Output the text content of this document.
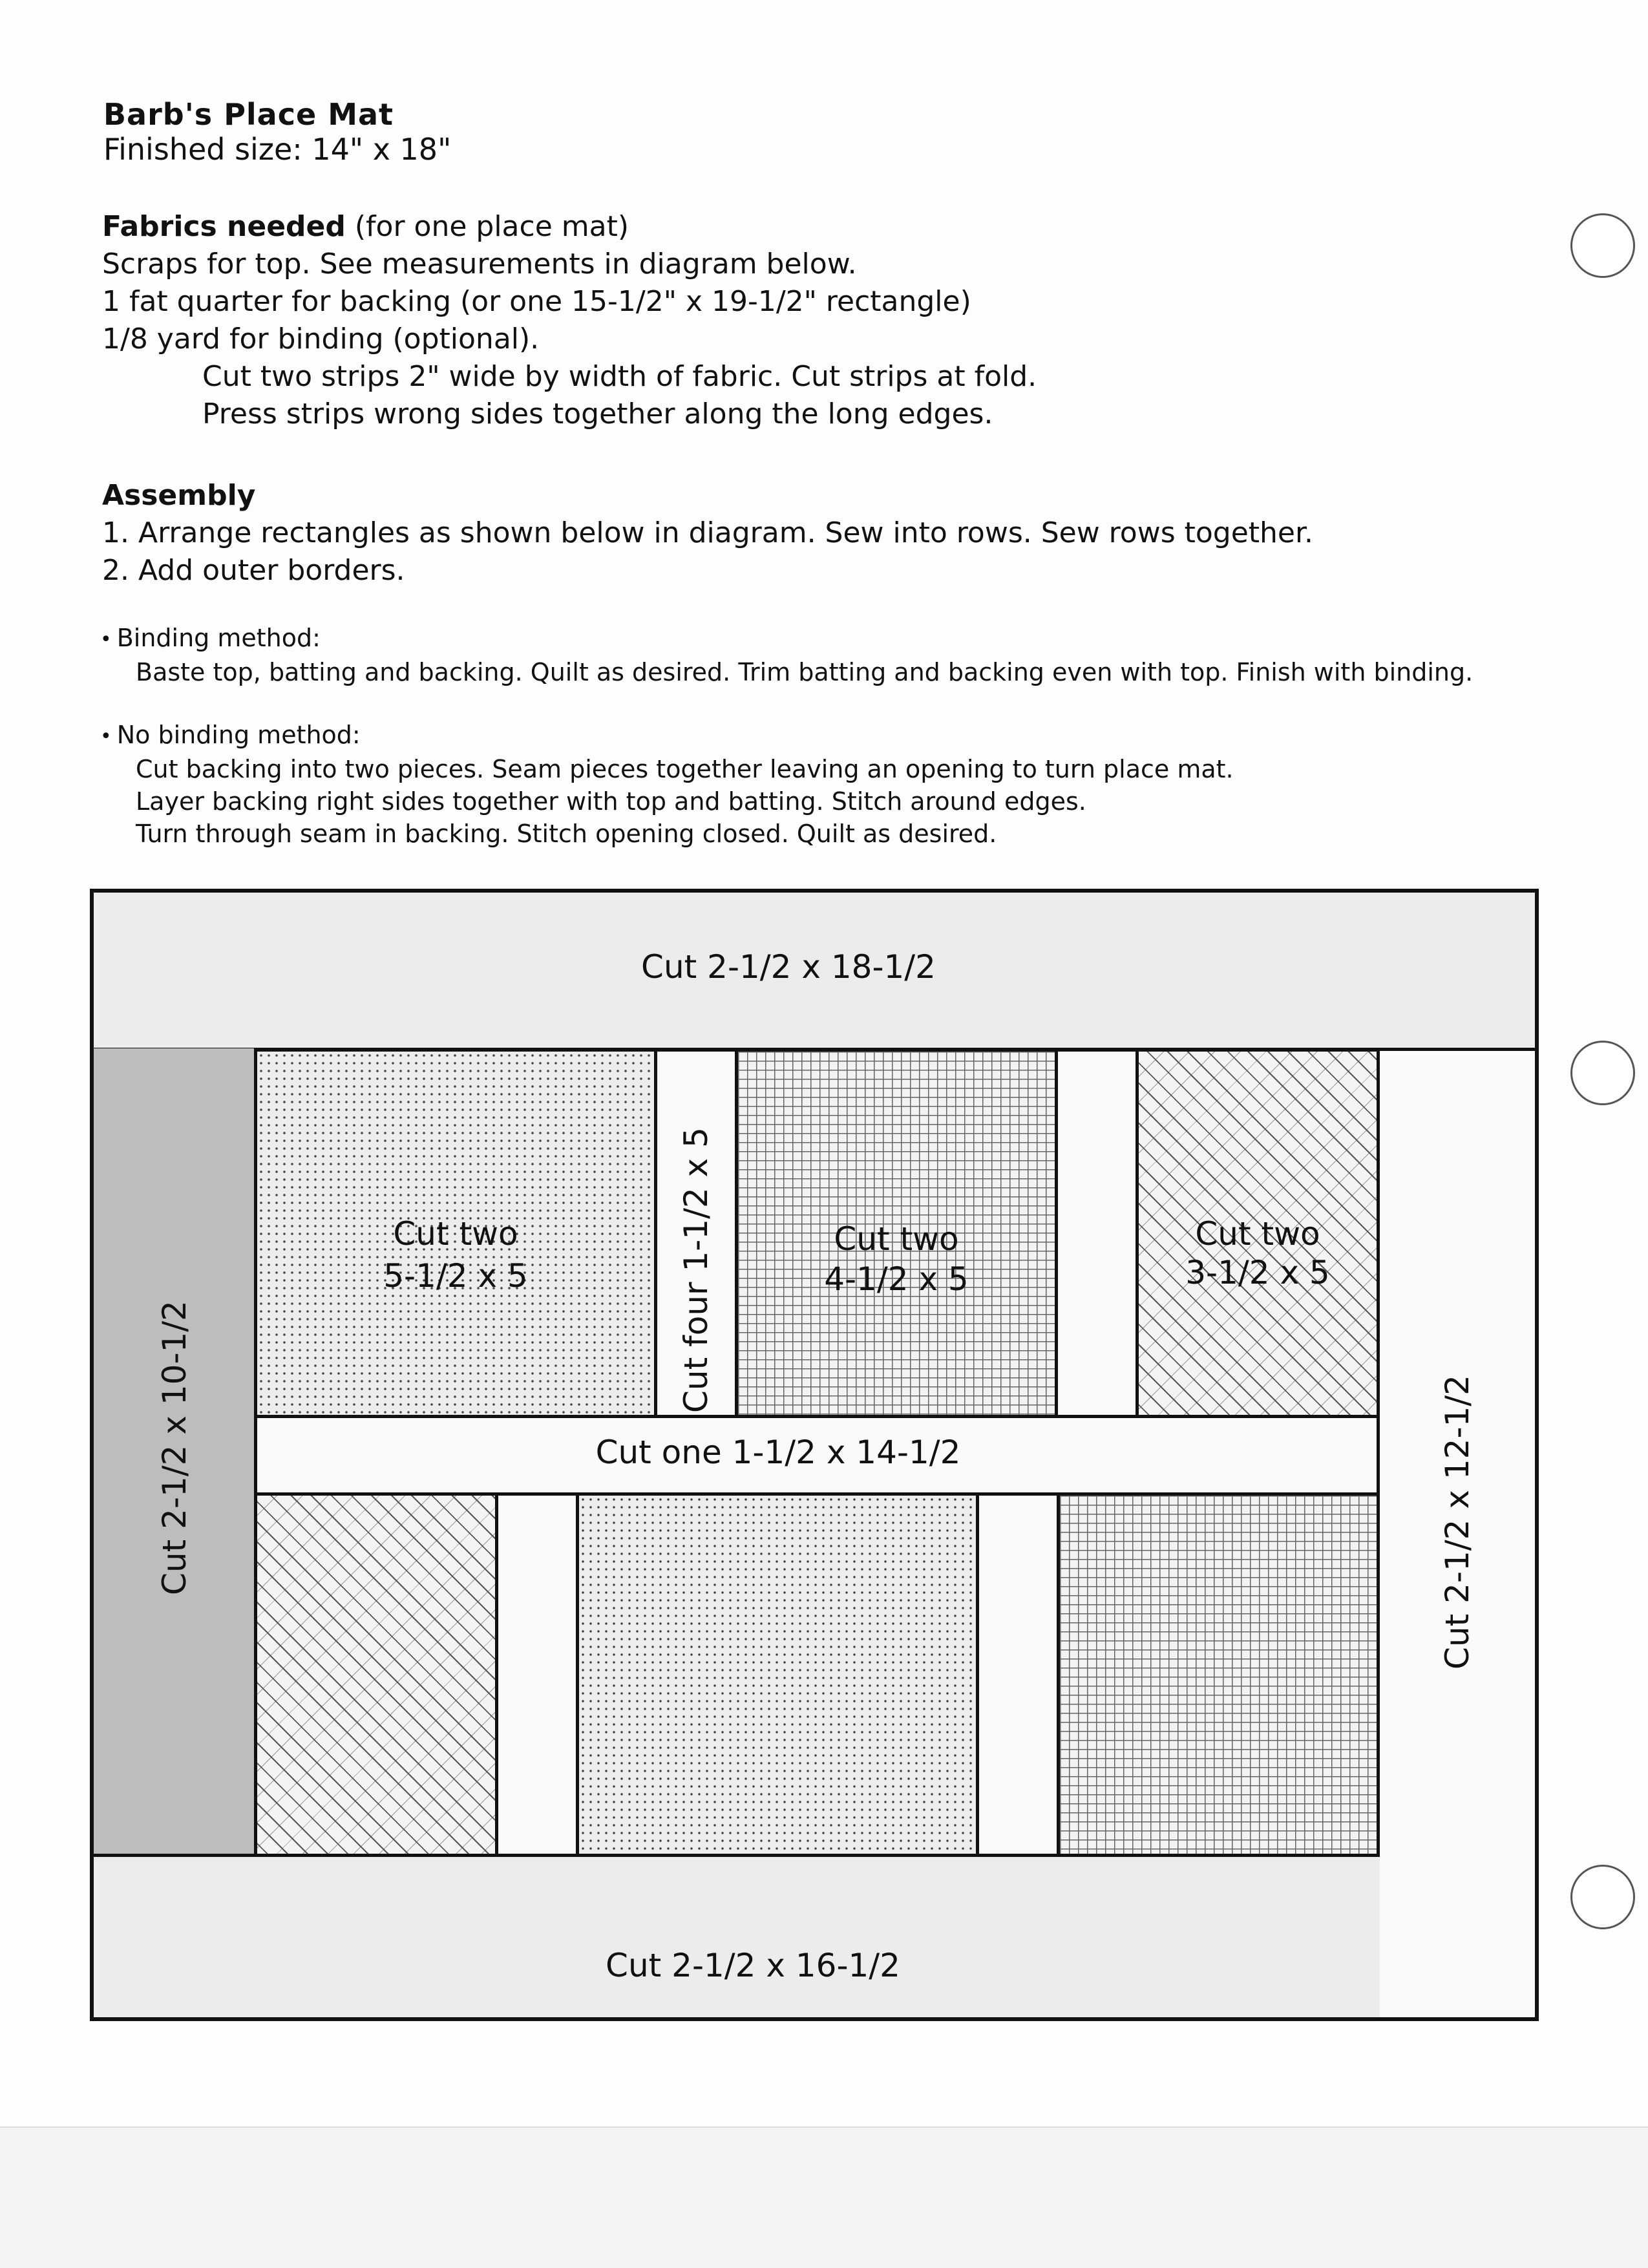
Barb's Place Mat
Finished size: 14" x 18"
Fabrics needed (for one place mat)
Scraps for top. See measurements in diagram below.
1 fat quarter for backing (or one 15-1/2" x 19-1/2" rectangle)
1/8 yard for binding (optional).
Cut two strips 2" wide by width of fabric. Cut strips at fold.
Press strips wrong sides together along the long edges.
Assembly
1. Arrange rectangles as shown below in diagram. Sew into rows. Sew rows together.
2. Add outer borders.
• Binding method:
Baste top, batting and backing. Quilt as desired. Trim batting and backing even with top. Finish with binding.
• No binding method:
Cut backing into two pieces. Seam pieces together leaving an opening to turn place mat.
Layer backing right sides together with top and batting. Stitch around edges.
Turn through seam in backing. Stitch opening closed. Quilt as desired.
Cut 2-1/2 x 18-1/2
Cut 2-1/2 x 10-1/2	Cut 2-1/2 x 12-1/2
Cut 2-1/2 x 16-1/2
Cut two
5-1/2 x 5	Cut four 1-1/2 x 5	Cut two
4-1/2 x 5
Cut two
3-1/2 x 5
Cut one 1-1/2 x 14-1/2
